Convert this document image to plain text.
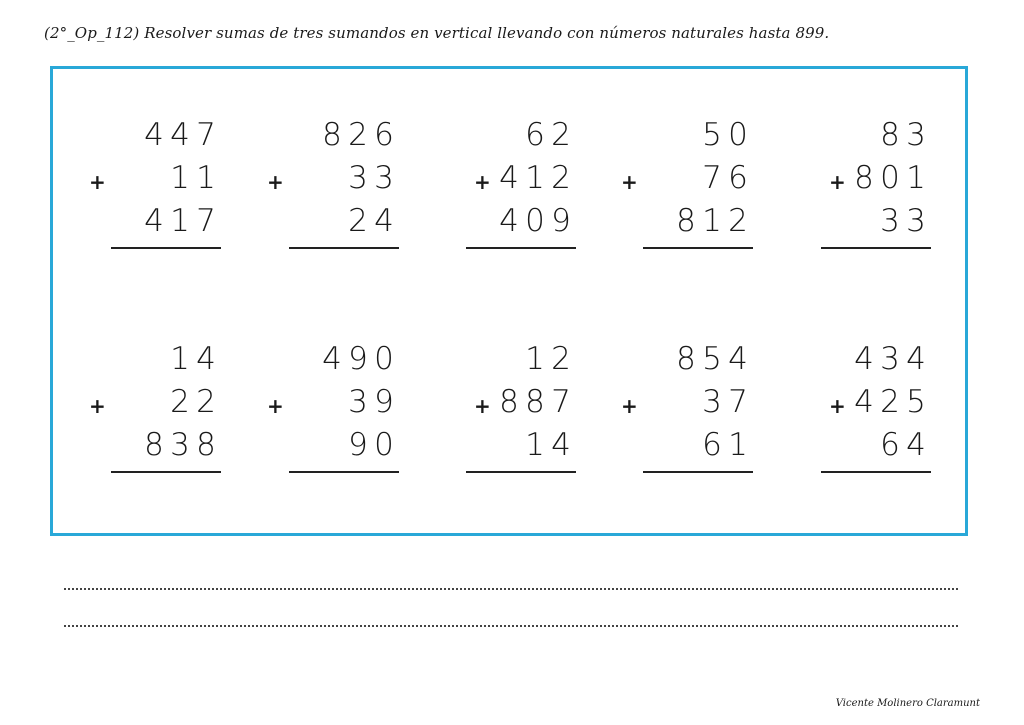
(2°_Op_112) Resolver sumas de tres sumandos en vertical llevando con números naturales hasta 899.
4 4 7
1 1
4 1 7
+
8 2 6
3 3
2 4
+
6 2
4 1 2
4 0 9
+
5 0
7 6
8 1 2
+
8 3
8 0 1
3 3
+
1 4
2 2
8 3 8
+
4 9 0
3 9
9 0
+
1 2
8 8 7
1 4
+
8 5 4
3 7
6 1
+
4 3 4
4 2 5
6 4
+
Vicente Molinero Claramunt
